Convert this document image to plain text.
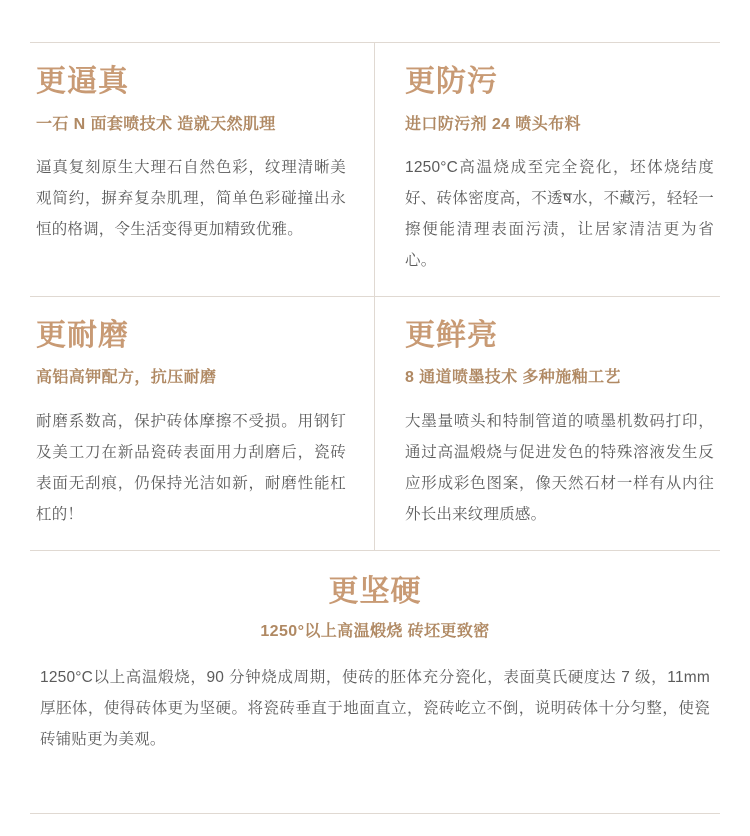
更逼真
一石 N 面套喷技术 造就天然肌理

逼真复刻原生大理石自然色彩，纹理清晰美观简约，摒弃复杂肌理，简单色彩碰撞出永恒的格调，令生活变得更加精致优雅。

更防污
进口防污剂 24 喷头布料

1250°C高温烧成至完全瓷化，坯体烧结度好、砖体密度高，不透ष水，不藏污，轻轻一擦便能清理表面污渍，让居家清洁更为省心。

更耐磨
高铝高钾配方，抗压耐磨

耐磨系数高，保护砖体摩擦不受损。用钢钉及美工刀在新品瓷砖表面用力刮磨后，瓷砖表面无刮痕，仍保持光洁如新，耐磨性能杠杠的！

更鲜亮
8 通道喷墨技术 多种施釉工艺

大墨量喷头和特制管道的喷墨机数码打印，通过高温煅烧与促进发色的特殊溶液发生反应形成彩色图案，像天然石材一样有从内往外长出来纹理质感。

更坚硬
1250°以上高温煅烧 砖坯更致密

1250°C以上高温煅烧，90 分钟烧成周期，使砖的胚体充分瓷化，表面莫氏硬度达 7 级，11mm 厚胚体，使得砖体更为坚硬。将瓷砖垂直于地面直立，瓷砖屹立不倒，说明砖体十分匀整，使瓷砖铺贴更为美观。
